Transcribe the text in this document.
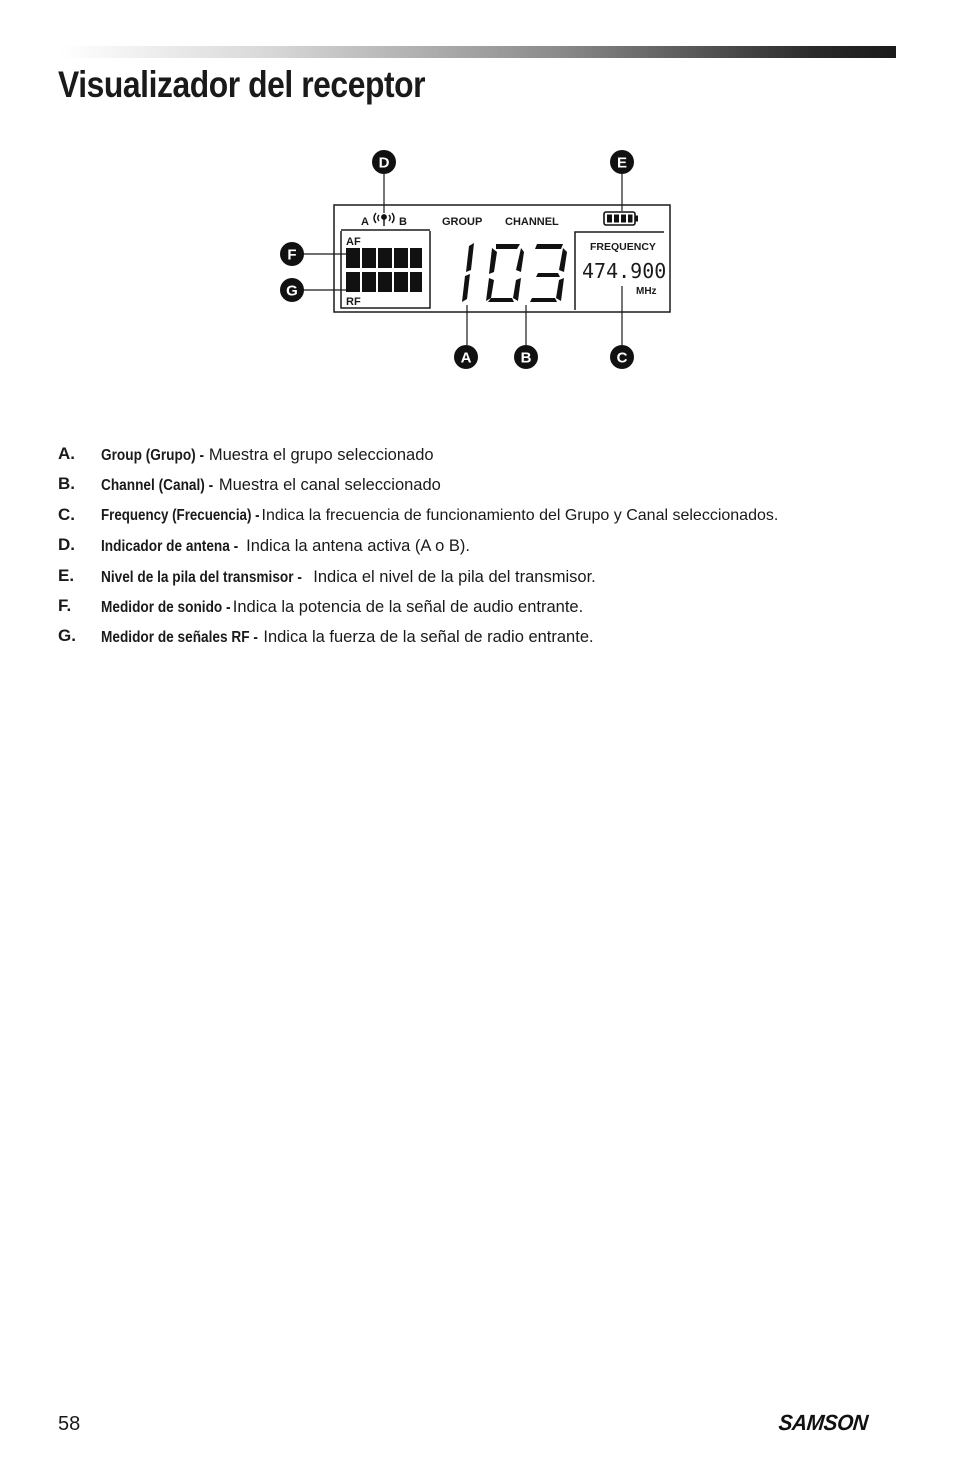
Visualizador del receptor
AF
RF
A	B	GROUP CHANNEL
FREQUENCY
474.900
MHz
D	E
F
G
A	B	C
A.	Group (Grupo) - Muestra el grupo seleccionado
B.	Channel (Canal) - Muestra el canal seleccionado
C.	Frequency (Frecuencia) - Indica la frecuencia de funcionamiento del Grupo y Canal seleccionados.
D.	Indicador de antena - Indica la antena activa (A o B).
E.	Nivel de la pila del transmisor - Indica el nivel de la pila del transmisor.
F.	Medidor de sonido - Indica la potencia de la señal de audio entrante.
G.	Medidor de señales RF - Indica la fuerza de la señal de radio entrante.
58	SAMSON
